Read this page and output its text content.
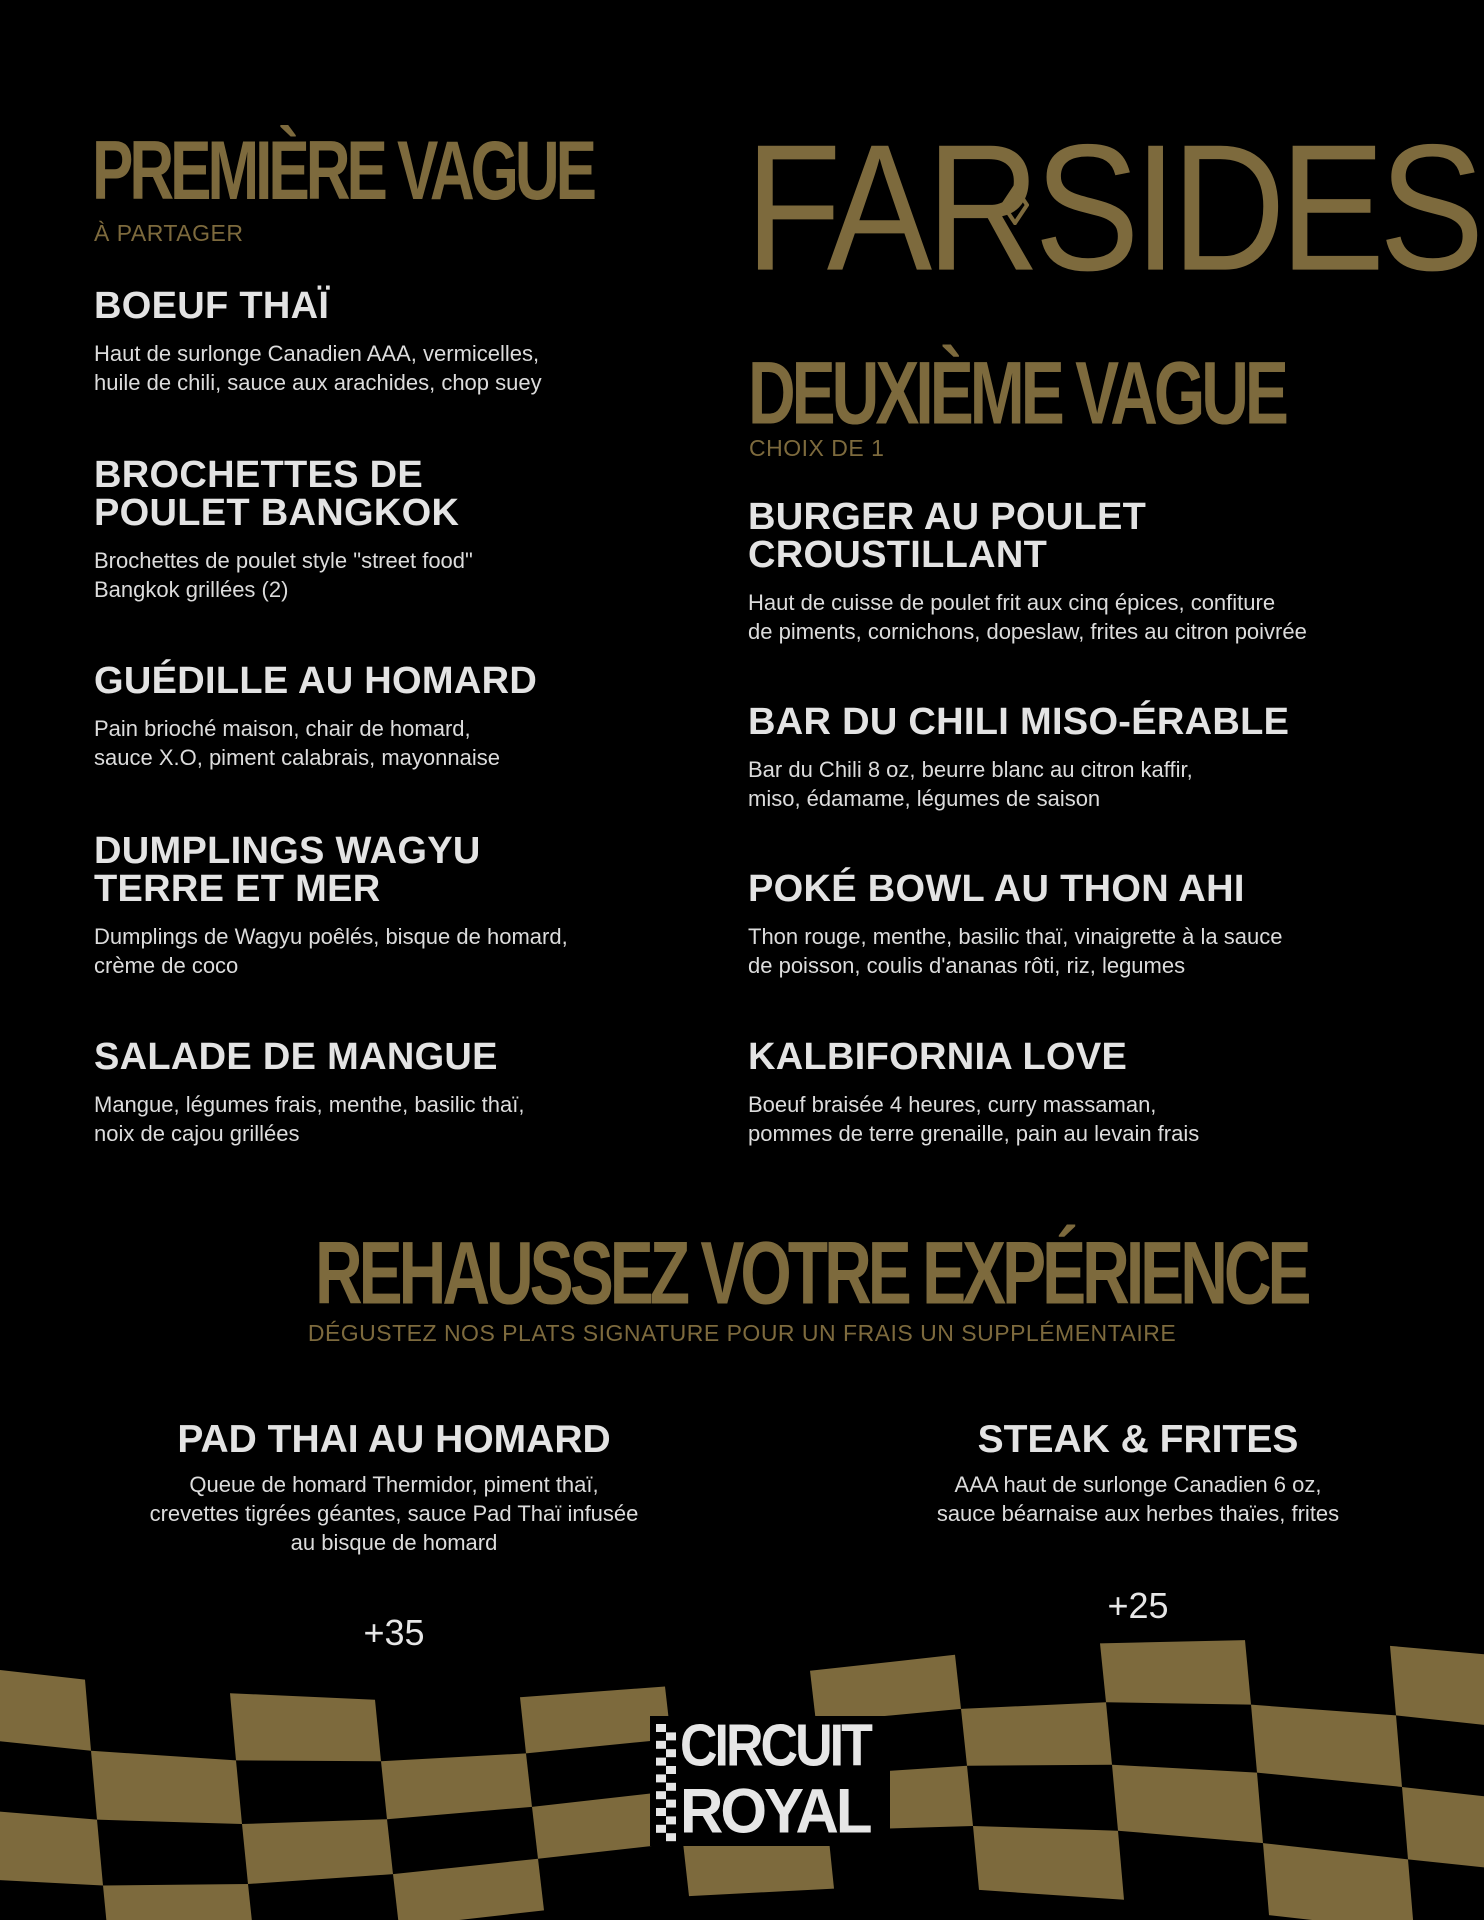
PREMIÈRE VAGUE
À PARTAGER
BOEUF THAÏ

Haut de surlonge Canadien AAA, vermicelles,
huile de chili, sauce aux arachides, chop suey

BROCHETTES DE
POULET BANGKOK

Brochettes de poulet style "street food"
Bangkok grillées (2)

GUÉDILLE AU HOMARD

Pain brioché maison, chair de homard,
sauce X.O, piment calabrais, mayonnaise

DUMPLINGS WAGYU
TERRE ET MER

Dumplings de Wagyu poêlés, bisque de homard,
crème de coco

SALADE DE MANGUE

Mangue, légumes frais, menthe, basilic thaï,
noix de cajou grillées

FARSIDES
DEUXIÈME VAGUE
CHOIX DE 1
BURGER AU POULET
CROUSTILLANT

Haut de cuisse de poulet frit aux cinq épices, confiture
de piments, cornichons, dopeslaw, frites au citron poivrée

BAR DU CHILI MISO-ÉRABLE

Bar du Chili 8 oz, beurre blanc au citron kaffir,
miso, édamame, légumes de saison

POKÉ BOWL AU THON AHI

Thon rouge, menthe, basilic thaï, vinaigrette à la sauce
de poisson, coulis d'ananas rôti, riz, legumes

KALBIFORNIA LOVE

Boeuf braisée 4 heures, curry massaman,
pommes de terre grenaille, pain au levain frais

REHAUSSEZ VOTRE EXPÉRIENCE
DÉGUSTEZ NOS PLATS SIGNATURE POUR UN FRAIS UN SUPPLÉMENTAIRE
PAD THAI AU HOMARD

Queue de homard Thermidor, piment thaï,
crevettes tigrées géantes, sauce Pad Thaï infusée
au bisque de homard

+35
STEAK & FRITES

AAA haut de surlonge Canadien 6 oz,
sauce béarnaise aux herbes thaïes, frites

+25
CIRCUIT
ROYAL
